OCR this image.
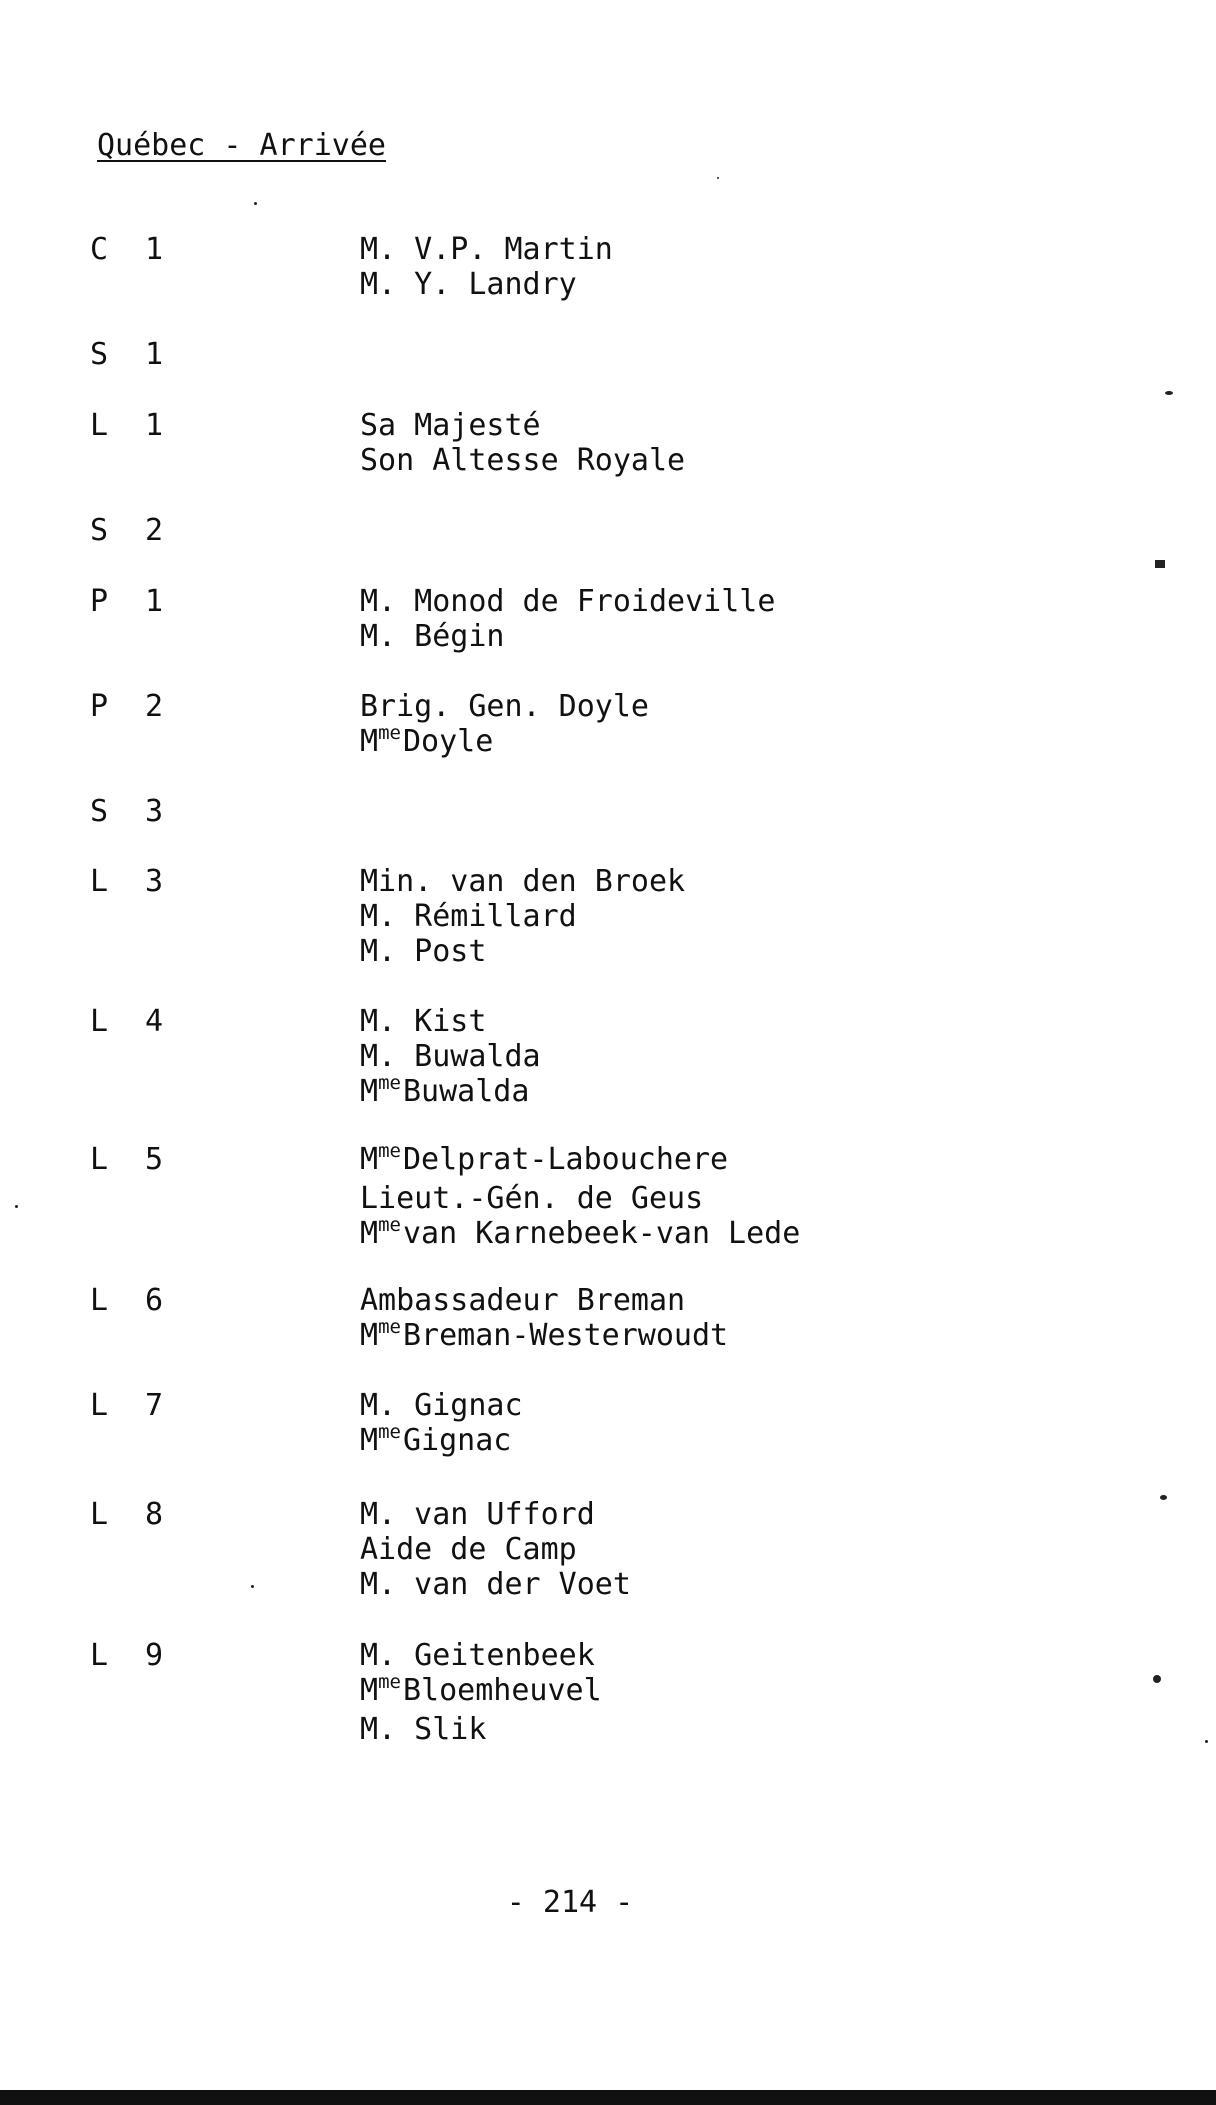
Québec - Arrivée
C 1	M. V.P. Martin
M. Y. Landry
S 1
L 1	Sa Majesté
Son Altesse Royale
S 2
P 1	M. Monod de Froideville
M. Bégin
P 2	Brig. Gen. Doyle
$M^{me}Doyle$
S 3
L 3	Min. van den Broek
M. Rémillard
M. Post
L 4	M. Kist
M. Buwalda
$M^{me}Buwalda$
L 5	$M^{me}Delprat$-Labouchere
Lieut.-Gén. de Geus
$M^{me}van$ Karnebeek-van Lede
L 6	Ambassadeur Breman
$M^{me}Breman$-Westerwoudt
L 7	M. Gignac
$M^{me}Gignac$
L 8	M. van Ufford
Aide de Camp
M. van der Voet
L 9	M. Geitenbeek
$M^{me}Bloemheuvel$
M. Slik
- 214 -
